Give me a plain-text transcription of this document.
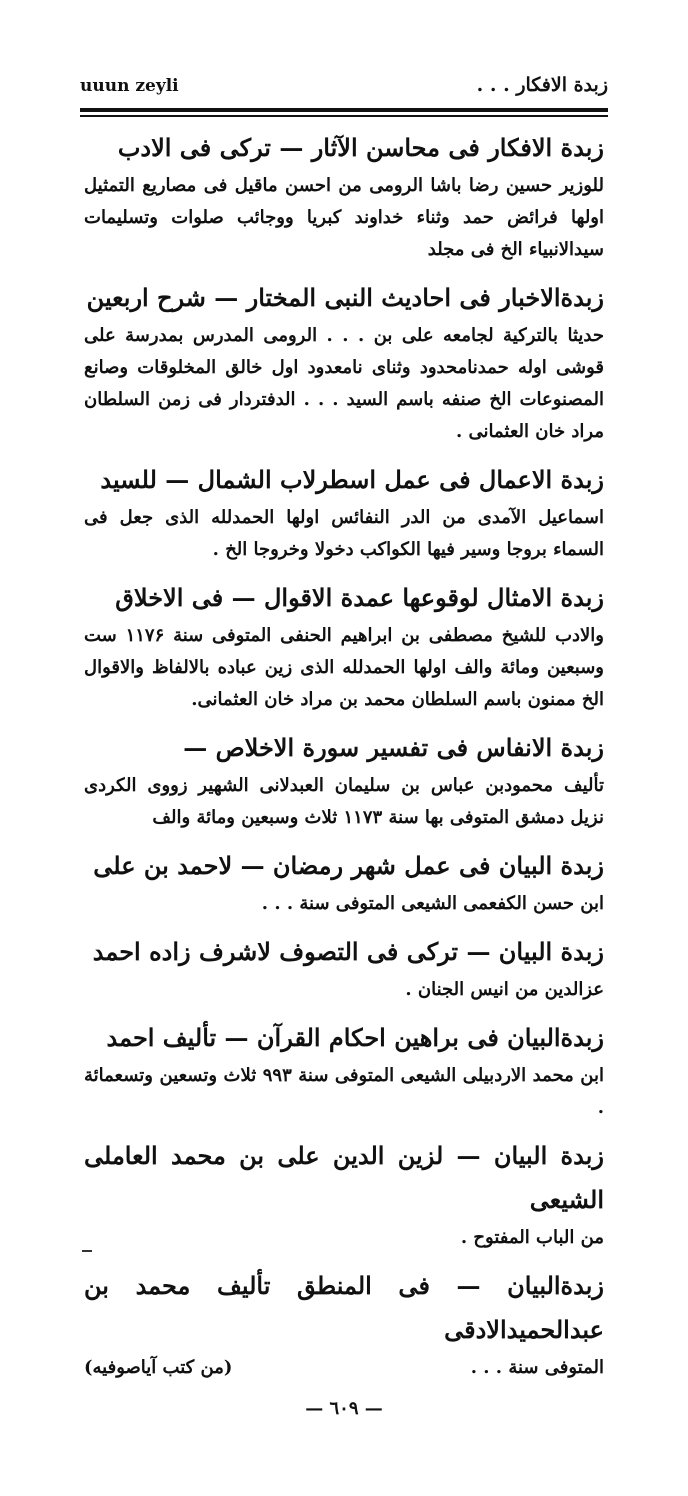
uuun zeyli	زبدة الافكار . . .

زبدة الافكار فی محاسن الآثار — ترکی فی الادب

للوزیر حسین رضا باشا الرومی من احسن ماقیل فی مصاریع التمثیل اولها فرائض حمد وثناء خداوند کبریا ووجائب صلوات وتسلیمات سیدالانبیاء الخ فی مجلد

زبدةالاخبار فی احادیث النبی المختار — شرح اربعین

حدیثا بالترکیة لجامعه علی بن . . . الرومی المدرس بمدرسة علی قوشی اوله حمدنامحدود وثنای نامعدود اول خالق المخلوقات وصانع المصنوعات الخ صنفه باسم السید . . . الدفتردار فی زمن السلطان مراد خان العثمانی .

زبدة الاعمال فی عمل اسطرلاب الشمال — للسید

اسماعیل الآمدی من الدر النفائس اولها الحمدلله الذی جعل فی السماء بروجا وسیر فیها الکواکب دخولا وخروجا الخ .

زبدة الامثال لوقوعها عمدة الاقوال — فی الاخلاق

والادب للشیخ مصطفی بن ابراهیم الحنفی المتوفی سنة ۱۱۷۶ ست وسبعین ومائة والف اولها الحمدلله الذی زین عباده بالالفاظ والاقوال الخ ممنون باسم السلطان محمد بن مراد خان العثمانی.

زبدة الانفاس فی تفسیر سورة الاخلاص —

تألیف محمودبن عباس بن سلیمان العبدلانی الشهیر زووی الکردی نزیل دمشق المتوفی بها سنة ۱۱۷۳ ثلاث وسبعین ومائة والف

زبدة البیان فی عمل شهر رمضان — لاحمد بن علی

ابن حسن الکفعمی الشیعی المتوفی سنة . . .

زبدة البیان — ترکی فی التصوف لاشرف زاده احمد

عزالدین من انیس الجنان .

زبدةالبیان فی براهین احکام القرآن — تألیف احمد

ابن محمد الاردبیلی الشیعی المتوفی سنة ۹۹۳ ثلاث وتسعین وتسعمائة .

زبدة البیان — لزین الدین علی بن محمد العاملی الشیعی

من الباب المفتوح .

زبدةالبیان — فی المنطق تألیف محمد بن عبدالحمیدالادقی

المتوفی سنة . . .
(من کتب آیاصوفیه)
— ٦٠٩ —
